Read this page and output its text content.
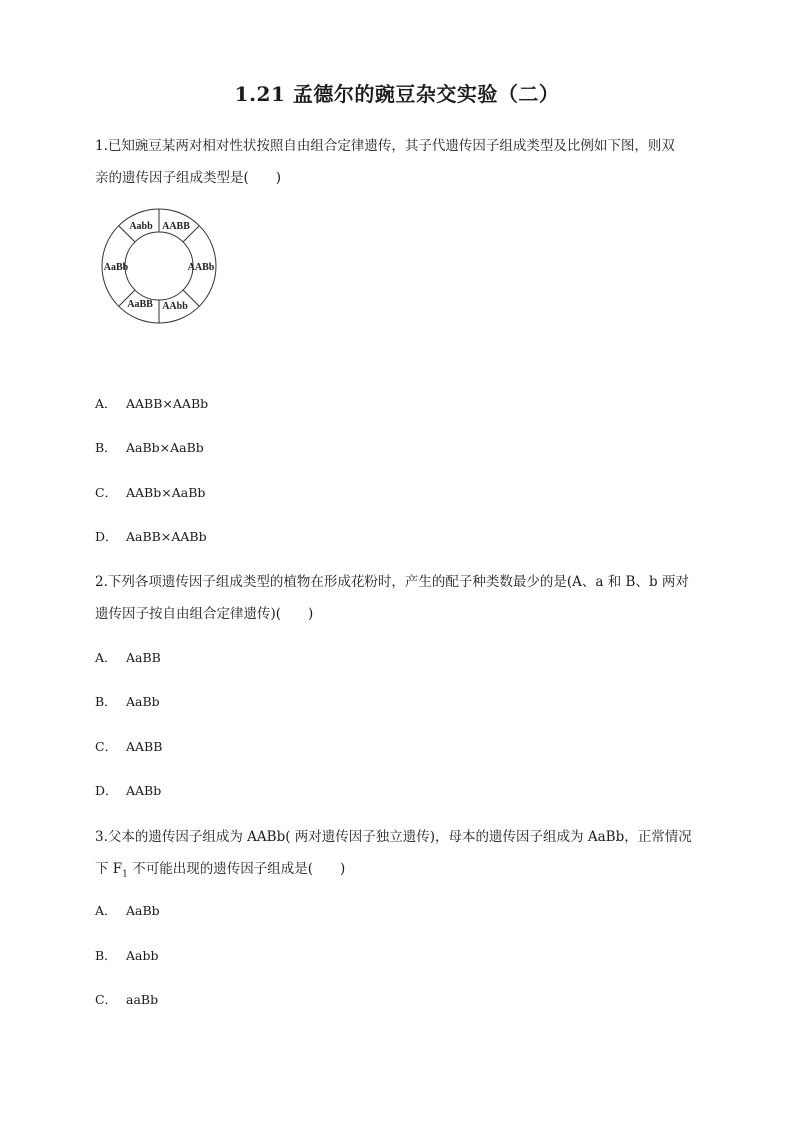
1.21 孟德尔的豌豆杂交实验（二）
1.已知豌豆某两对相对性状按照自由组合定律遗传，其子代遗传因子组成类型及比例如下图，则双
亲的遗传因子组成类型是(　　)
Aabb AABB
AABb
AAbb
AaBB
AaBb
A． AABB×AABb
B． AaBb×AaBb
C． AABb×AaBb
D． AaBB×AABb
2.下列各项遗传因子组成类型的植物在形成花粉时，产生的配子种类数最少的是(A、a 和 B、b 两对
遗传因子按自由组合定律遗传)(　　)
A． AaBB
B． AaBb
C． AABB
D． AABb
3.父本的遗传因子组成为 AABb( 两对遗传因子独立遗传)，母本的遗传因子组成为 AaBb，正常情况
下 $F_1$ 不可能出现的遗传因子组成是(　　)
A． AaBb
B． Aabb
C． aaBb
